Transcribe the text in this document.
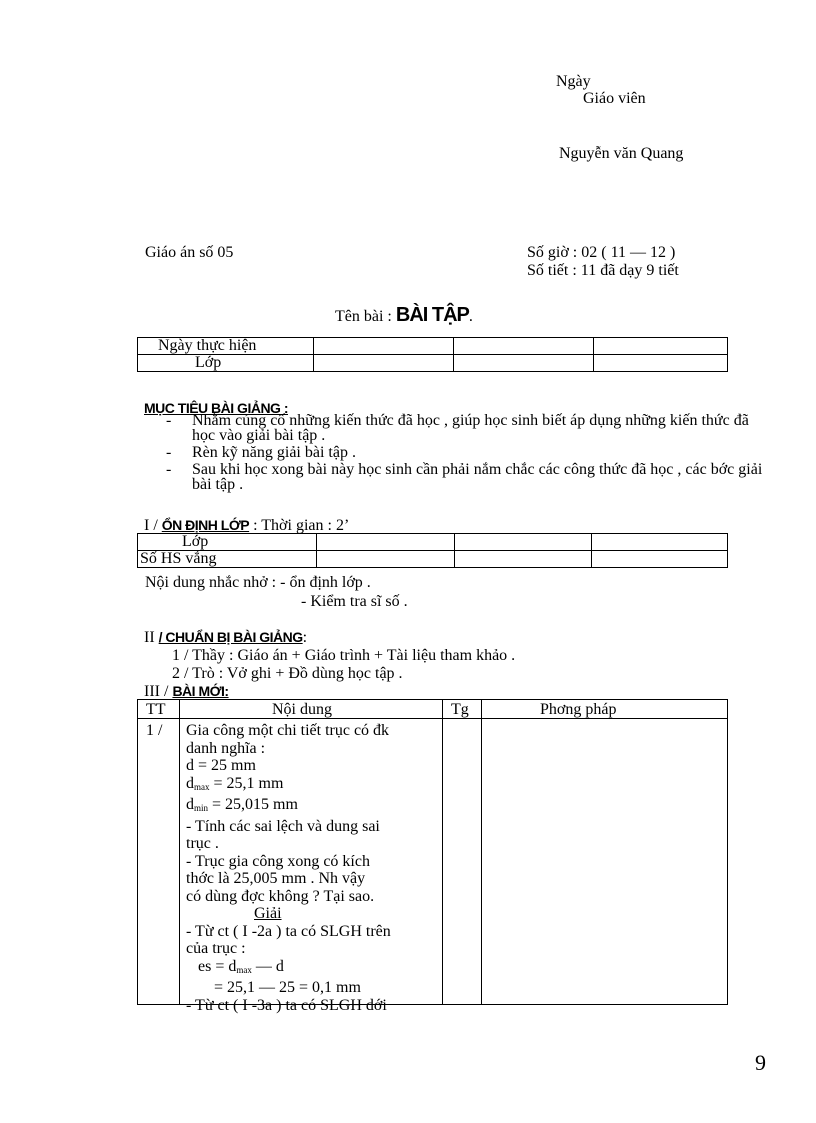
Ngày
Giáo viên
Nguyễn văn Quang
Giáo án số 05	Số giờ : 02 ( 11 — 12 )
Số tiết : 11 đã dạy 9 tiết
Tên bài : BÀI TẬP.
Ngày thực hiện			
Lớp			
MỤC TIÊU BÀI GIẢNG :
-	Nhằm củng cố những kiến thức đã học , giúp học sinh biết áp dụng những kiến thức đã học vào giải bài tập .
-	Rèn kỹ năng giải bài tập .
-	Sau khi học xong bài này học sinh cần phải nắm chắc các công thức đã học , các bớc giải bài tập .
I / ỔN ĐỊNH LỚP : Thời gian : 2’
Lớp			
Số HS vắng			
Nội dung nhắc nhở : - ổn định lớp .
- Kiểm tra sĩ số .
II / CHUẨN BỊ BÀI GIẢNG:
1 / Thầy : Giáo án + Giáo trình + Tài liệu tham khảo .
2 / Trò : Vở ghi + Đồ dùng học tập .
III / BÀI MỚI:
TT	Nội dung	Tg	Phơng pháp
1 / Gia công một chi tiết trục có đk
danh nghĩa :
d = 25 mm
$d_{max} = 25,1$ mm
$d_{min} = 25,015$ mm
- Tính các sai lệch và dung sai
trục .
- Trục gia công xong có kích
thớc là 25,005 mm . Nh vậy
có dùng đợc không ? Tại sao.
Giải
- Từ ct ( I -2a ) ta có SLGH trên
của trục :
es = $d_{max}$ — d
= 25,1 — 25 = 0,1 mm
- Từ ct ( I -3a ) ta có SLGH dới
9
